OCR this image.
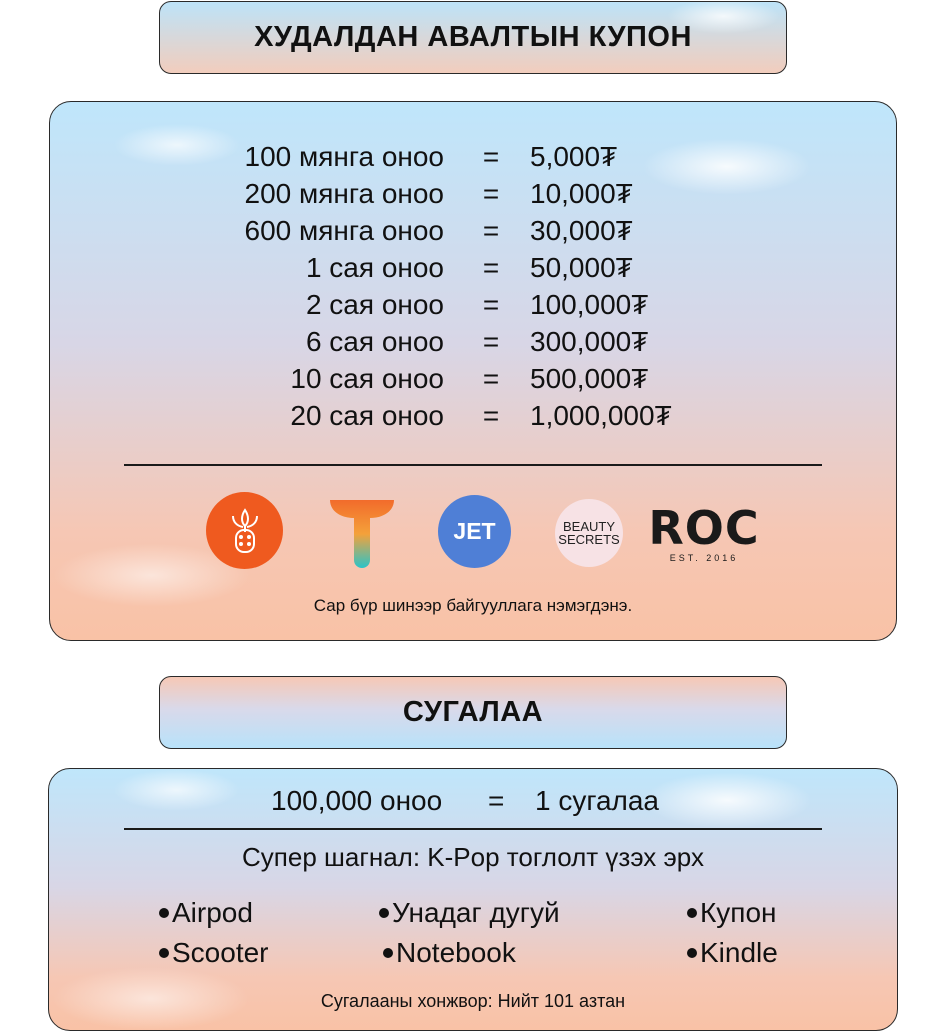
ХУДАЛДАН АВАЛТЫН КУПОН
100 мянга оноо = 5,000₮
200 мянга оноо = 10,000₮
600 мянга оноо = 30,000₮
1 сая оноо = 50,000₮
2 сая оноо = 100,000₮
6 сая оноо = 300,000₮
10 сая оноо = 500,000₮
20 сая оноо = 1,000,000₮
JET	BEAUTY
SECRETS ROC
EST. 2016
Сар бүр шинээр байгууллага нэмэгдэнэ.
СУГАЛАА
100,000 оноо = 1 сугалаа
Супер шагнал: K-Pop тоглолт үзэх эрх
Airpod	Унадаг дугуй	Купон
Scooter	Notebook	Kindle
Сугалааны хонжвор: Нийт 101 азтан
